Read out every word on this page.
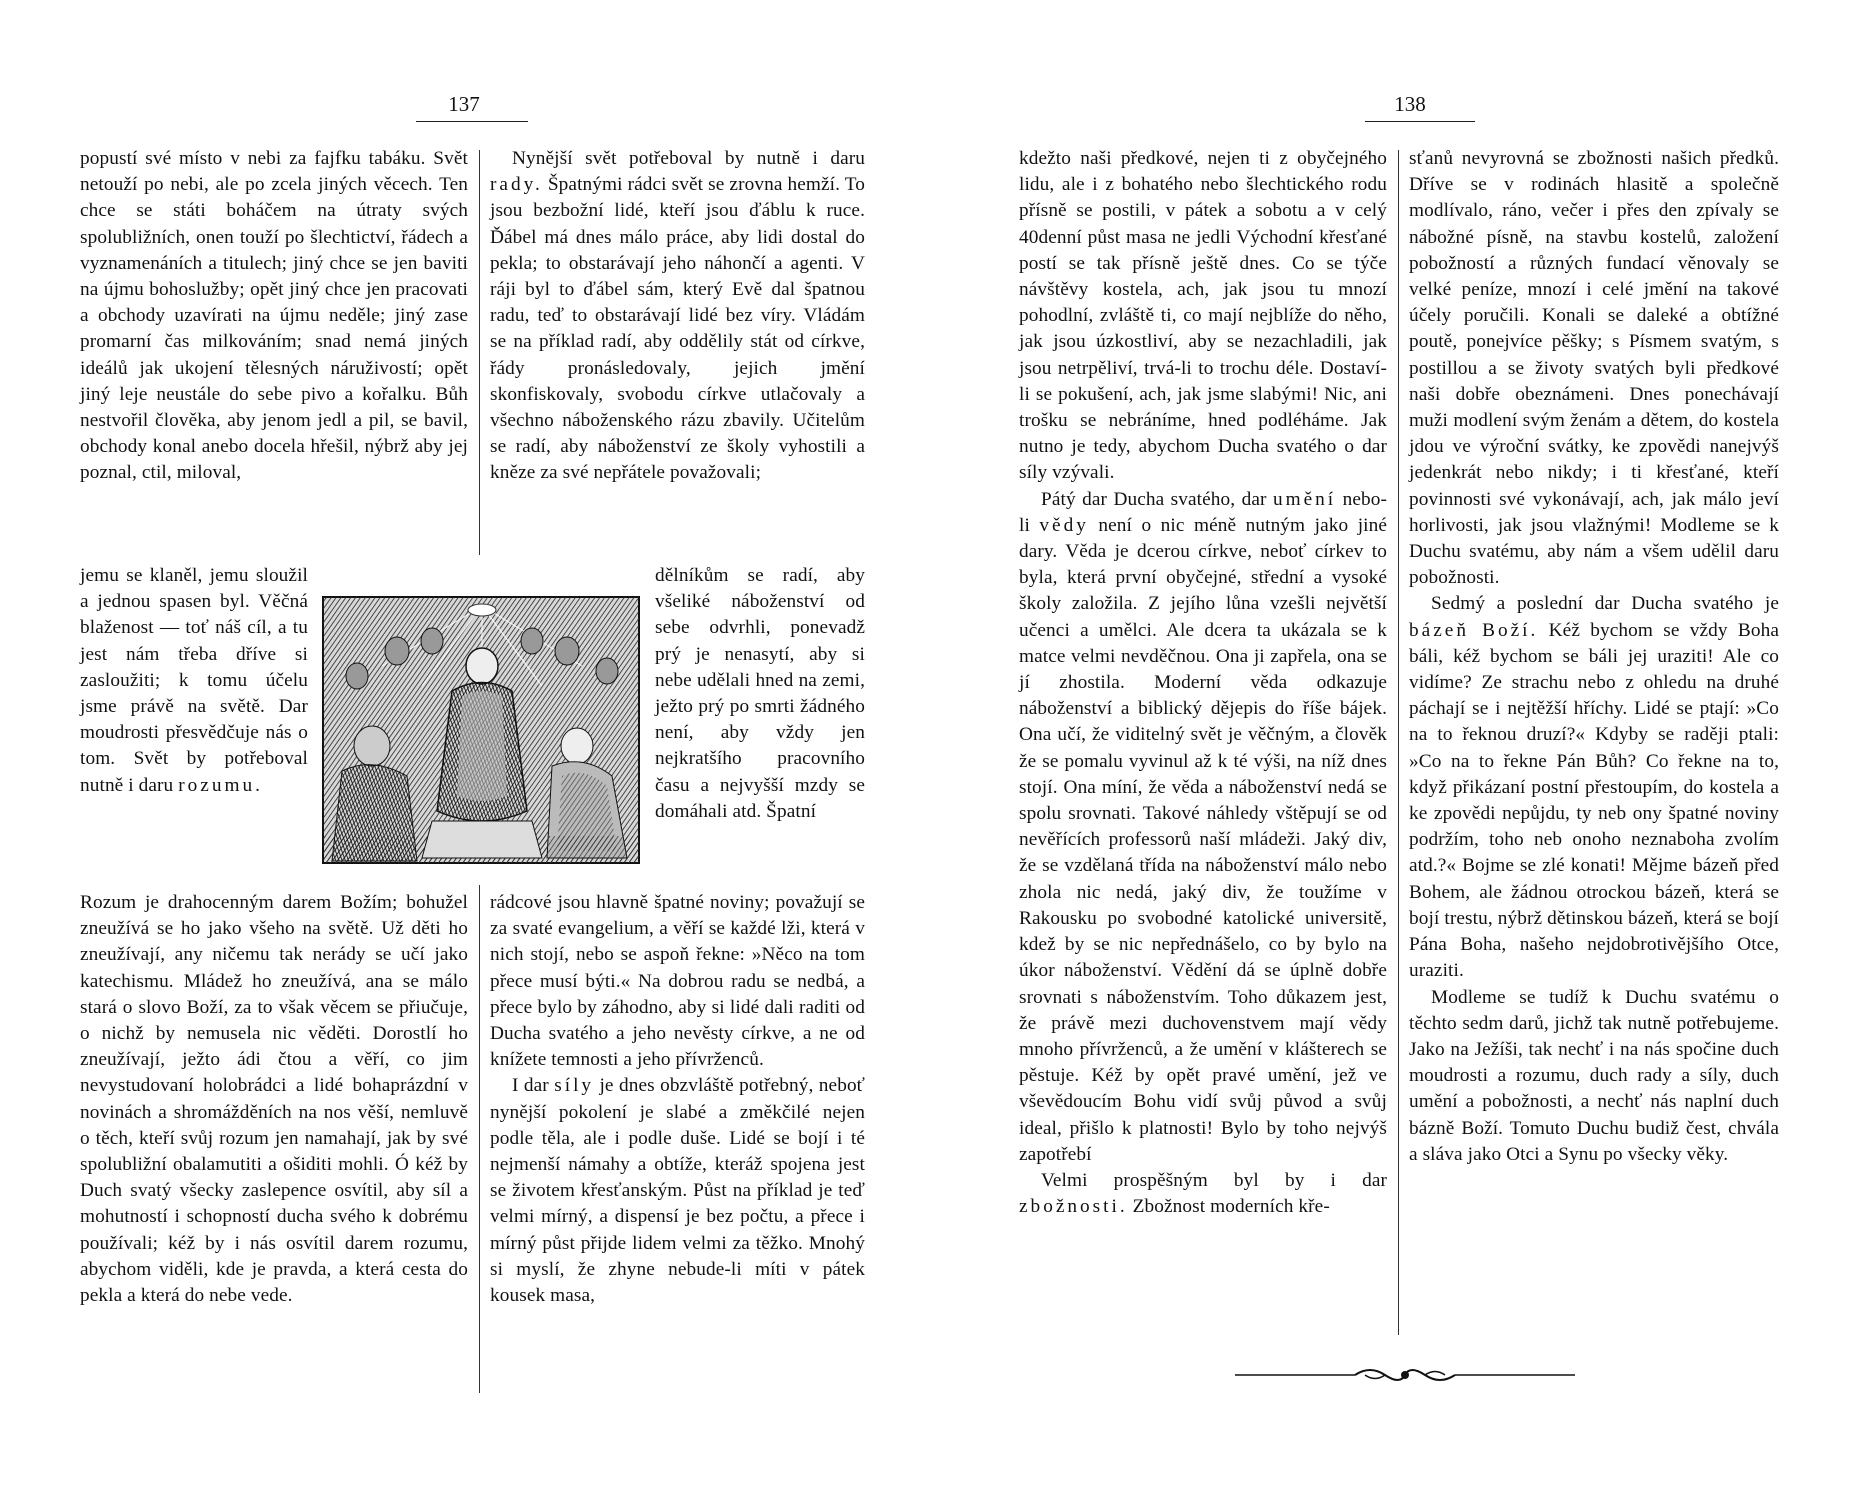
137

popustí své místo v nebi za fajfku tabáku. Svět netouží po nebi, ale po zcela jiných věcech. Ten chce se státi boháčem na útraty svých spolubližních, onen touží po šlechtictví, řádech a vyznamenáních a titulech; jiný chce se jen baviti na újmu bohoslužby; opět jiný chce jen pracovati a obchody uzavírati na újmu neděle; jiný zase promarní čas milkováním; snad nemá jiných ideálů jak ukojení tělesných náruživostí; opět jiný leje neustále do sebe pivo a kořalku. Bůh nestvořil člověka, aby jenom jedl a pil, se bavil, obchody konal anebo docela hřešil, nýbrž aby jej poznal, ctil, miloval,

jemu se klaněl, jemu sloužil a jednou spasen byl. Věčná blaženost — toť náš cíl, a tu jest nám třeba dříve si zasloužiti; k tomu účelu jsme právě na světě. Dar moudrosti přesvědčuje nás o tom. Svět by potřeboval nutně i daru rozumu.

Rozum je drahocenným darem Božím; bohužel zneužívá se ho jako všeho na světě. Už děti ho zneužívají, any ničemu tak nerády se učí jako katechismu. Mládež ho zneužívá, ana se málo stará o slovo Boží, za to však věcem se přiučuje, o nichž by nemusela nic věděti. Dorostlí ho zneužívají, ježto ádi čtou a věří, co jim nevystudovaní holobrádci a lidé bohaprázdní v novinách a shromážděních na nos věší, nemluvě o těch, kteří svůj rozum jen namahají, jak by své spolubližní obalamutiti a ošiditi mohli. Ó kéž by Duch svatý všecky zaslepence osvítil, aby síl a mohutností i schopností ducha svého k dobrému používali; kéž by i nás osvítil darem rozumu, abychom viděli, kde je pravda, a která cesta do pekla a která do nebe vede.

Nynější svět potřeboval by nutně i daru rady. Špatnými rádci svět se zrovna hemží. To jsou bezbožní lidé, kteří jsou ďáblu k ruce. Ďábel má dnes málo práce, aby lidi dostal do pekla; to obstarávají jeho náhončí a agenti. V ráji byl to ďábel sám, který Evě dal špatnou radu, teď to obstarávají lidé bez víry. Vládám se na příklad radí, aby oddělily stát od církve, řády pronásledovaly, jejich jmění skonfiskovaly, svobodu církve utlačovaly a všechno náboženského rázu zbavily. Učitelům se radí, aby náboženství ze školy vyhostili a kněze za své nepřátele považovali;

dělníkům se radí, aby všeliké náboženství od sebe odvrhli, ponevadž prý je nenasytí, aby si nebe udělali hned na zemi, ježto prý po smrti žádného není, aby vždy jen nejkratšího pracovního času a nejvyšší mzdy se domáhali atd. Špatní

rádcové jsou hlavně špatné noviny; považují se za svaté evangelium, a věří se každé lži, která v nich stojí, nebo se aspoň řekne: »Něco na tom přece musí býti.« Na dobrou radu se nedbá, a přece bylo by záhodno, aby si lidé dali raditi od Ducha svatého a jeho nevěsty církve, a ne od knížete temnosti a jeho přívrženců.

I dar síly je dnes obzvláště potřebný, neboť nynější pokolení je slabé a změkčilé nejen podle těla, ale i podle duše. Lidé se bojí i té nejmenší námahy a obtíže, kteráž spojena jest se životem křesťanským. Půst na příklad je teď velmi mírný, a dispensí je bez počtu, a přece i mírný půst přijde lidem velmi za těžko. Mnohý si myslí, že zhyne nebude-li míti v pátek kousek masa,

138

kdežto naši předkové, nejen ti z obyčejného lidu, ale i z bohatého nebo šlechtického rodu přísně se postili, v pátek a sobotu a v celý 40denní půst masa ne jedli Východní křesťané postí se tak přísně ještě dnes. Co se týče návštěvy kostela, ach, jak jsou tu mnozí pohodlní, zvláště ti, co mají nejblíže do něho, jak jsou úzkostliví, aby se nezachladili, jak jsou netrpěliví, trvá-li to trochu déle. Dostaví-li se pokušení, ach, jak jsme slabými! Nic, ani trošku se nebráníme, hned podléháme. Jak nutno je tedy, abychom Ducha svatého o dar síly vzývali.

Pátý dar Ducha svatého, dar umění nebo-li vědy není o nic méně nutným jako jiné dary. Věda je dcerou církve, neboť církev to byla, která první obyčejné, střední a vysoké školy založila. Z jejího lůna vzešli největší učenci a umělci. Ale dcera ta ukázala se k matce velmi nevděčnou. Ona ji zapřela, ona se jí zhostila. Moderní věda odkazuje náboženství a biblický dějepis do říše bájek. Ona učí, že viditelný svět je věčným, a člověk že se pomalu vyvinul až k té výši, na níž dnes stojí. Ona míní, že věda a náboženství nedá se spolu srovnati. Takové náhledy vštěpují se od nevěřících professorů naší mládeži. Jaký div, že se vzdělaná třída na náboženství málo nebo zhola nic nedá, jaký div, že toužíme v Rakousku po svobodné katolické universitě, kdež by se nic nepřednášelo, co by bylo na úkor náboženství. Vědění dá se úplně dobře srovnati s náboženstvím. Toho důkazem jest, že právě mezi duchovenstvem mají vědy mnoho přívrženců, a že umění v klášterech se pěstuje. Kéž by opět pravé umění, jež ve vševědoucím Bohu vidí svůj původ a svůj ideal, přišlo k platnosti! Bylo by toho nejvýš zapotřebí

Velmi prospěšným byl by i dar zbožnosti. Zbožnost moderních kře-

sťanů nevyrovná se zbožnosti našich předků. Dříve se v rodinách hlasitě a společně modlívalo, ráno, večer i přes den zpívaly se nábožné písně, na stavbu kostelů, založení pobožností a různých fundací věnovaly se velké peníze, mnozí i celé jmění na takové účely poručili. Konali se daleké a obtížné poutě, ponejvíce pěšky; s Písmem svatým, s postillou a se životy svatých byli předkové naši dobře obeznámeni. Dnes ponechávají muži modlení svým ženám a dětem, do kostela jdou ve výroční svátky, ke zpovědi nanejvýš jedenkrát nebo nikdy; i ti křesťané, kteří povinnosti své vykonávají, ach, jak málo jeví horlivosti, jak jsou vlažnými! Modleme se k Duchu svatému, aby nám a všem udělil daru pobožnosti.

Sedmý a poslední dar Ducha svatého je bázeň Boží. Kéž bychom se vždy Boha báli, kéž bychom se báli jej uraziti! Ale co vidíme? Ze strachu nebo z ohledu na druhé páchají se i nejtěžší hříchy. Lidé se ptají: »Co na to řeknou druzí?« Kdyby se raději ptali: »Co na to řekne Pán Bůh? Co řekne na to, když přikázaní postní přestoupím, do kostela a ke zpovědi nepůjdu, ty neb ony špatné noviny podržím, toho neb onoho neznaboha zvolím atd.?« Bojme se zlé konati! Mějme bázeň před Bohem, ale žádnou otrockou bázeň, která se bojí trestu, nýbrž dětinskou bázeň, která se bojí Pána Boha, našeho nejdobrotivějšího Otce, uraziti.

Modleme se tudíž k Duchu svatému o těchto sedm darů, jichž tak nutně potřebujeme. Jako na Ježíši, tak nechť i na nás spočine duch moudrosti a rozumu, duch rady a síly, duch umění a pobožnosti, a nechť nás naplní duch bázně Boží. Tomuto Duchu budiž čest, chvála a sláva jako Otci a Synu po všecky věky.
